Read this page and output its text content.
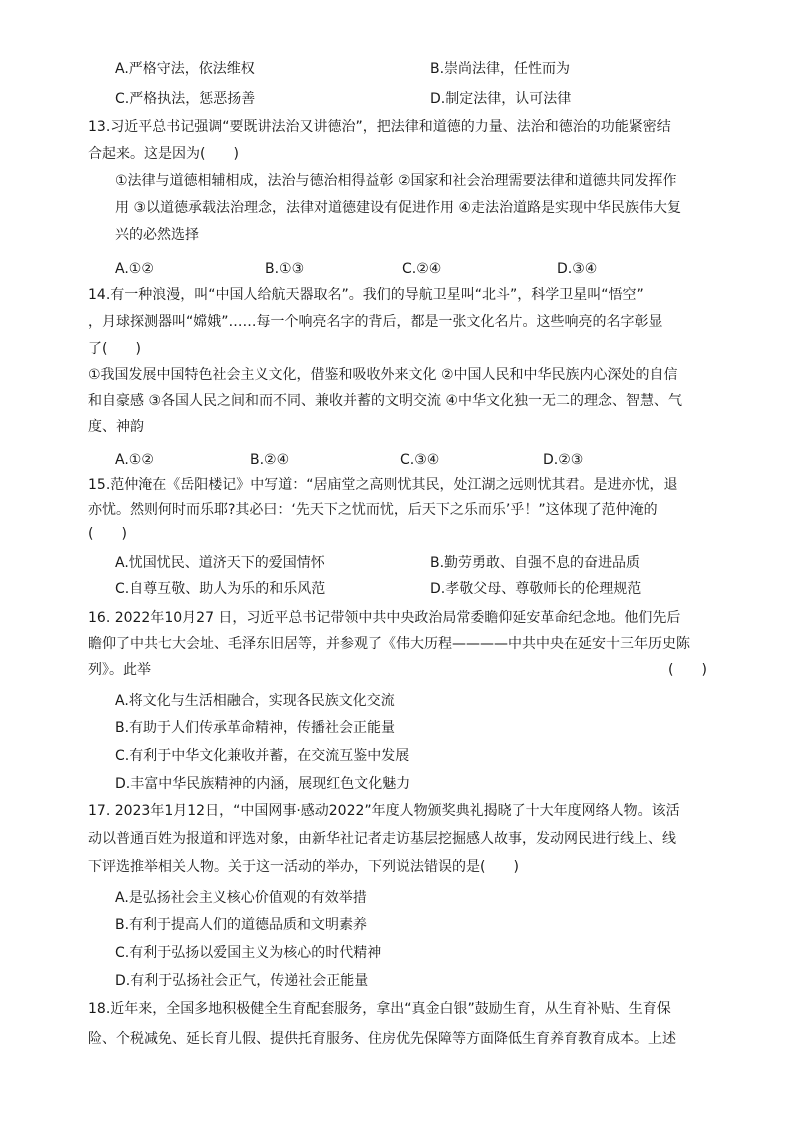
A.严格守法，依法维权	B.崇尚法律，任性而为
C.严格执法，惩恶扬善	D.制定法律，认可法律
13.习近平总书记强调“要既讲法治又讲德治”，把法律和道德的力量、法治和德治的功能紧密结
合起来。这是因为(　　)
①法律与道德相辅相成，法治与德治相得益彰 ②国家和社会治理需要法律和道德共同发挥作
用 ③以道德承载法治理念，法律对道德建设有促进作用 ④走法治道路是实现中华民族伟大复
兴的必然选择
A.①②	B.①③	C.②④	D.③④
14.有一种浪漫，叫“中国人给航天器取名”。我们的导航卫星叫“北斗”，科学卫星叫“悟空”
，月球探测器叫“嫦娥”……每一个响亮名字的背后，都是一张文化名片。这些响亮的名字彰显
了(　　)
①我国发展中国特色社会主义文化，借鉴和吸收外来文化 ②中国人民和中华民族内心深处的自信
和自豪感 ③各国人民之间和而不同、兼收并蓄的文明交流 ④中华文化独一无二的理念、智慧、气
度、神韵
A.①②	B.②④	C.③④	D.②③
15.范仲淹在《岳阳楼记》中写道：“居庙堂之高则忧其民，处江湖之远则忧其君。是进亦忧，退
亦忧。然则何时而乐耶?其必曰：‘先天下之忧而忧，后天下之乐而乐’乎！”这体现了范仲淹的
(　　)
A.忧国忧民、道济天下的爱国情怀	B.勤劳勇敢、自强不息的奋进品质
C.自尊互敬、助人为乐的和乐风范	D.孝敬父母、尊敬师长的伦理规范
16. 2022年10月27 日，习近平总书记带领中共中央政治局常委瞻仰延安革命纪念地。他们先后
瞻仰了中共七大会址、毛泽东旧居等，并参观了《伟大历程————中共中央在延安十三年历史陈
列》。此举	(　　)
A.将文化与生活相融合，实现各民族文化交流
B.有助于人们传承革命精神，传播社会正能量
C.有利于中华文化兼收并蓄，在交流互鉴中发展
D.丰富中华民族精神的内涵，展现红色文化魅力
17. 2023年1月12日，“中国网事·感动2022”年度人物颁奖典礼揭晓了十大年度网络人物。该活
动以普通百姓为报道和评选对象，由新华社记者走访基层挖掘感人故事，发动网民进行线上、线
下评选推举相关人物。关于这一活动的举办，下列说法错误的是(　　)
A.是弘扬社会主义核心价值观的有效举措
B.有利于提高人们的道德品质和文明素养
C.有利于弘扬以爱国主义为核心的时代精神
D.有利于弘扬社会正气，传递社会正能量
18.近年来，全国多地积极健全生育配套服务，拿出“真金白银”鼓励生育，从生育补贴、生育保
险、个税减免、延长育儿假、提供托育服务、住房优先保障等方面降低生育养育教育成本。上述
